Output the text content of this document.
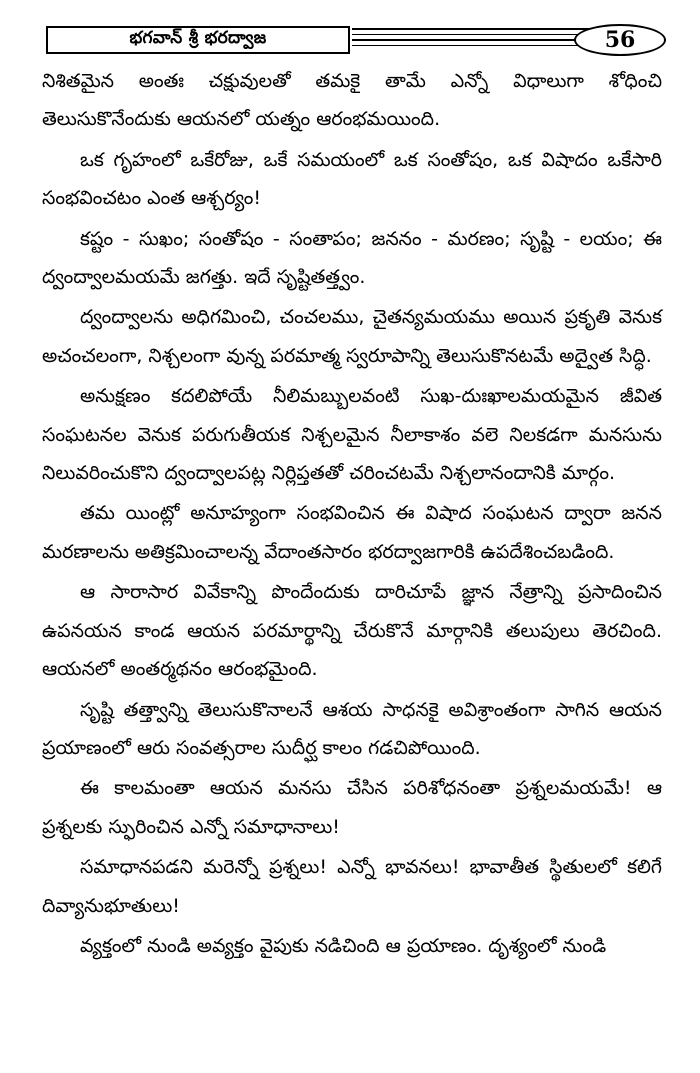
భగవాన్ శ్రీ భరద్వాజ	56

నిశితమైన అంతః చక్షువులతో తమకై తామే ఎన్నో విధాలుగా శోధించి తెలుసుకొనేందుకు ఆయనలో యత్నం ఆరంభమయింది.

ఒక గృహంలో ఒకేరోజు, ఒకే సమయంలో ఒక సంతోషం, ఒక విషాదం ఒకేసారి సంభవించటం ఎంత ఆశ్చర్యం!

కష్టం - సుఖం; సంతోషం - సంతాపం; జననం - మరణం; సృష్టి - లయం; ఈ ద్వంద్వాలమయమే జగత్తు. ఇదే సృష్టితత్త్వం.

ద్వంద్వాలను అధిగమించి, చంచలము, చైతన్యమయము అయిన ప్రకృతి వెనుక అచంచలంగా, నిశ్చలంగా వున్న పరమాత్మ స్వరూపాన్ని తెలుసుకొనటమే అద్వైత సిద్ధి.

అనుక్షణం కదలిపోయే నీలిమబ్బులవంటి సుఖ-దుఃఖాలమయమైన జీవిత సంఘటనల వెనుక పరుగుతీయక నిశ్చలమైన నీలాకాశం వలె నిలకడగా మనసును నిలువరించుకొని ద్వంద్వాలపట్ల నిర్లిప్తతతో చరించటమే నిశ్చలానందానికి మార్గం.

తమ యింట్లో అనూహ్యంగా సంభవించిన ఈ విషాద సంఘటన ద్వారా జనన మరణాలను అతిక్రమించాలన్న వేదాంతసారం భరద్వాజగారికి ఉపదేశించబడింది.

ఆ సారాసార వివేకాన్ని పొందేందుకు దారిచూపే జ్ఞాన నేత్రాన్ని ప్రసాదించిన ఉపనయన కాండ ఆయన పరమార్థాన్ని చేరుకొనే మార్గానికి తలుపులు తెరచింది. ఆయనలో అంతర్మథనం ఆరంభమైంది.

సృష్టి తత్త్వాన్ని తెలుసుకొనాలనే ఆశయ సాధనకై అవిశ్రాంతంగా సాగిన ఆయన ప్రయాణంలో ఆరు సంవత్సరాల సుదీర్ఘ కాలం గడచిపోయింది.

ఈ కాలమంతా ఆయన మనసు చేసిన పరిశోధనంతా ప్రశ్నలమయమే! ఆ ప్రశ్నలకు స్ఫురించిన ఎన్నో సమాధానాలు!

సమాధానపడని మరెన్నో ప్రశ్నలు! ఎన్నో భావనలు! భావాతీత స్థితులలో కలిగే దివ్యానుభూతులు!

వ్యక్తంలో నుండి అవ్యక్తం వైపుకు నడిచింది ఆ ప్రయాణం. దృశ్యంలో నుండి
